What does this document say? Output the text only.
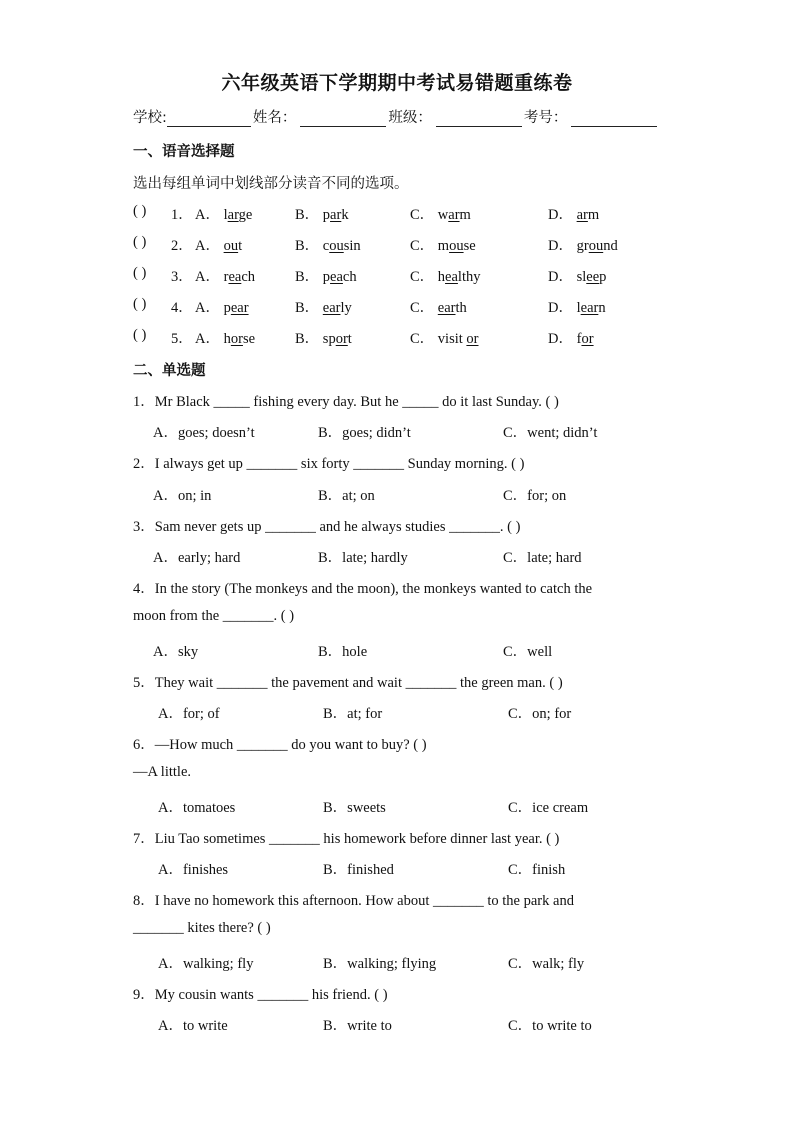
六年级英语下学期期中考试易错题重练卷
学校:	姓名：	班级：	考号：
一、语音选择题
选出每组单词中划线部分读音不同的选项。
( ) 1． A． large	B． park	C． warm	D． arm
( ) 2． A． out	B． cousin	C． mouse	D． ground
( ) 3． A． reach	B． peach	C． healthy	D． sleep
( ) 4． A． pear	B． early	C． earth	D． learn
( ) 5． A． horse	B． sport	C． visit or	D． for
二、单选题
1．Mr Black _____ fishing every day. But he _____ do it last Sunday. ( )
A．goes; doesn’t	B．goes; didn’t	C．went; didn’t
2．I always get up _______ six forty _______ Sunday morning. ( )
A．on; in	B．at; on	C．for; on
3．Sam never gets up _______ and he always studies _______. ( )
A．early; hard	B．late; hardly	C．late; hard
4．In the story (The monkeys and the moon), the monkeys wanted to catch the
moon from the _______. ( )
A．sky	B．hole	C．well
5．They wait _______ the pavement and wait _______ the green man. ( )
A．for; of	B．at; for	C．on; for
6．—How much _______ do you want to buy? ( )
—A little.
A．tomatoes	B．sweets	C．ice cream
7．Liu Tao sometimes _______ his homework before dinner last year. ( )
A．finishes	B．finished	C．finish
8．I have no homework this afternoon. How about _______ to the park and
_______ kites there? ( )
A．walking; fly	B．walking; flying	C．walk; fly
9．My cousin wants _______ his friend. ( )
A．to write	B．write to	C．to write to
